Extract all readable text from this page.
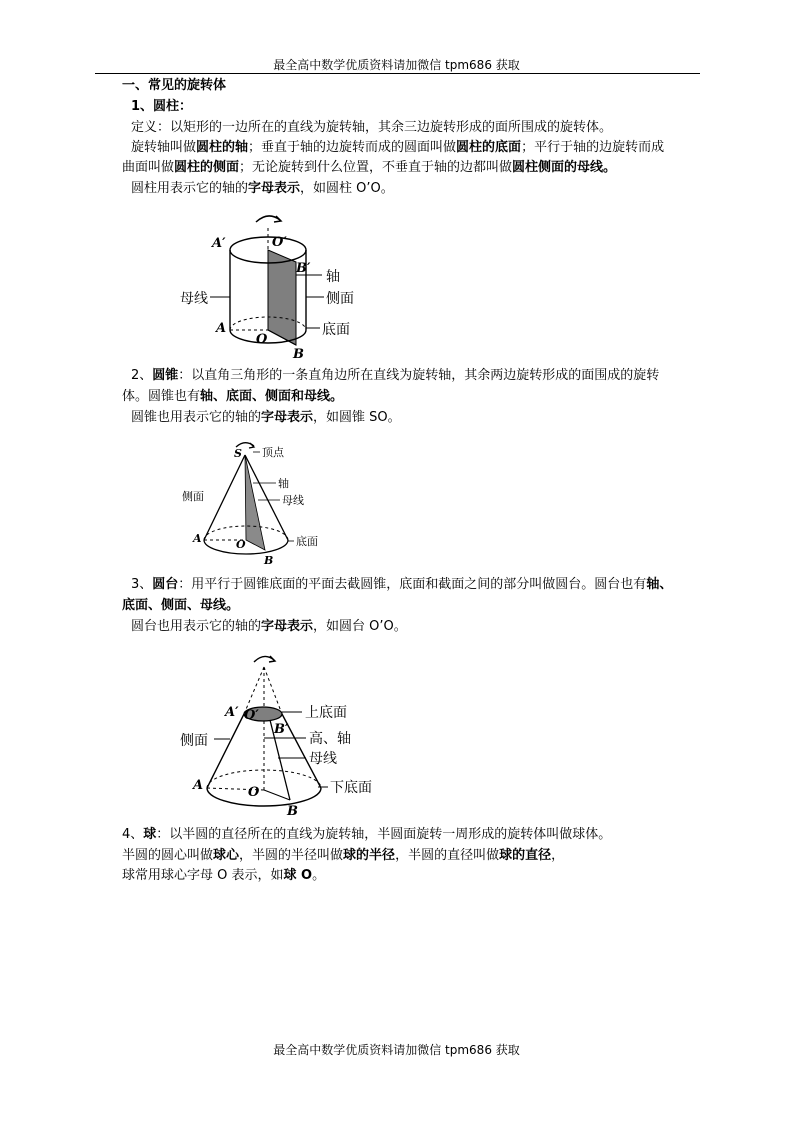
最全高中数学优质资料请加微信 tpm686 获取
一、常见的旋转体
1、圆柱：
定义：以矩形的一边所在的直线为旋转轴，其余三边旋转形成的面所围成的旋转体。
旋转轴叫做圆柱的轴；垂直于轴的边旋转而成的圆面叫做圆柱的底面；平行于轴的边旋转而成
曲面叫做圆柱的侧面；无论旋转到什么位置，不垂直于轴的边都叫做圆柱侧面的母线。
圆柱用表示它的轴的字母表示，如圆柱 O’O。
A′	O′
B′
A
O
B
轴
侧面
母线
底面
2、圆锥：以直角三角形的一条直角边所在直线为旋转轴，其余两边旋转形成的面围成的旋转
体。圆锥也有轴、底面、侧面和母线。
圆锥也用表示它的轴的字母表示，如圆锥 SO。
S 顶点
轴
侧面	母线
A	O
B
底面
3、圆台：用平行于圆锥底面的平面去截圆锥，底面和截面之间的部分叫做圆台。圆台也有轴、
底面、侧面、母线。
圆台也用表示它的轴的字母表示，如圆台 O’O。
A′ O′
B′
上底面
高、轴
侧面
母线
A	O
B
下底面
4、球：以半圆的直径所在的直线为旋转轴，半圆面旋转一周形成的旋转体叫做球体。
半圆的圆心叫做球心，半圆的半径叫做球的半径，半圆的直径叫做球的直径，
球常用球心字母 O 表示，如球 O。
最全高中数学优质资料请加微信 tpm686 获取
